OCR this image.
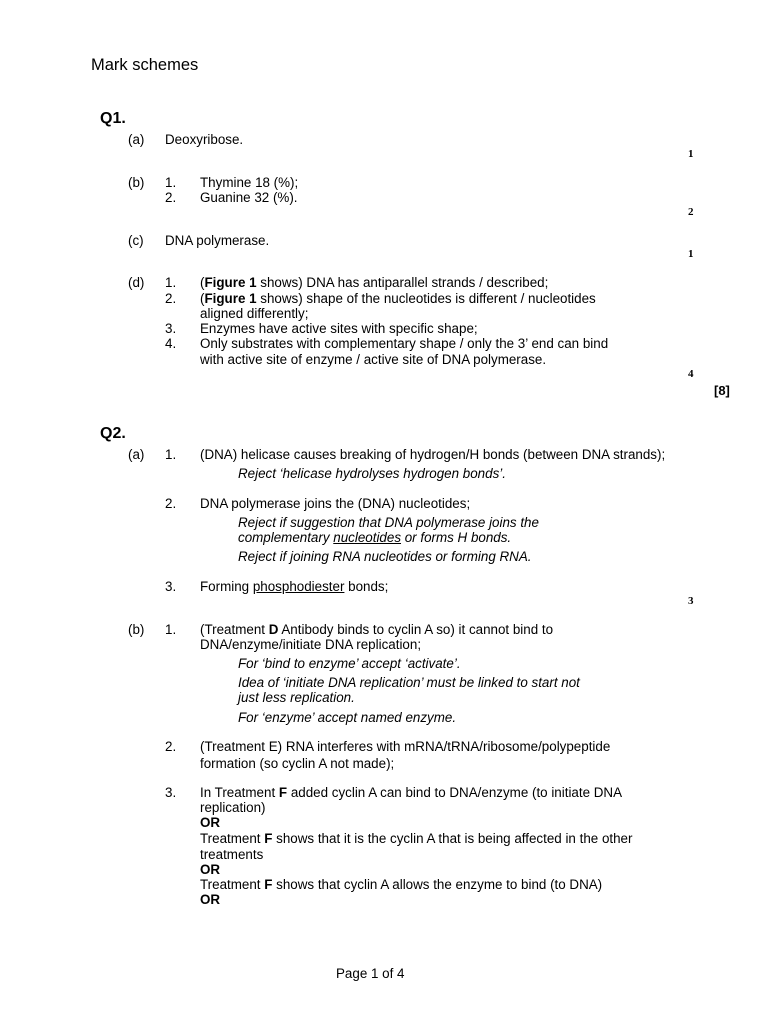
Mark schemes
Q1.
(a) Deoxyribose.
1
(b) 1. Thymine 18 (%);
2. Guanine 32 (%).
2
(c) DNA polymerase.
1
(d) 1. (Figure 1 shows) DNA has antiparallel strands / described;
2. (Figure 1 shows) shape of the nucleotides is different / nucleotides
aligned differently;
3. Enzymes have active sites with specific shape;
4. Only substrates with complementary shape / only the 3’ end can bind
with active site of enzyme / active site of DNA polymerase.
4
[8]
Q2.
(a) 1. (DNA) helicase causes breaking of hydrogen/H bonds (between DNA strands);
Reject ‘helicase hydrolyses hydrogen bonds’.
2. DNA polymerase joins the (DNA) nucleotides;
Reject if suggestion that DNA polymerase joins the
complementary nucleotides or forms H bonds.
Reject if joining RNA nucleotides or forming RNA.
3. Forming phosphodiester bonds;
3
(b) 1. (Treatment D Antibody binds to cyclin A so) it cannot bind to
DNA/enzyme/initiate DNA replication;
For ‘bind to enzyme’ accept ‘activate’.
Idea of ‘initiate DNA replication’ must be linked to start not
just less replication.
For ‘enzyme’ accept named enzyme.
2. (Treatment E) RNA interferes with mRNA/tRNA/ribosome/polypeptide
formation (so cyclin A not made);
3. In Treatment F added cyclin A can bind to DNA/enzyme (to initiate DNA
replication)
OR
Treatment F shows that it is the cyclin A that is being affected in the other
treatments
OR
Treatment F shows that cyclin A allows the enzyme to bind (to DNA)
OR
Page 1 of 4
